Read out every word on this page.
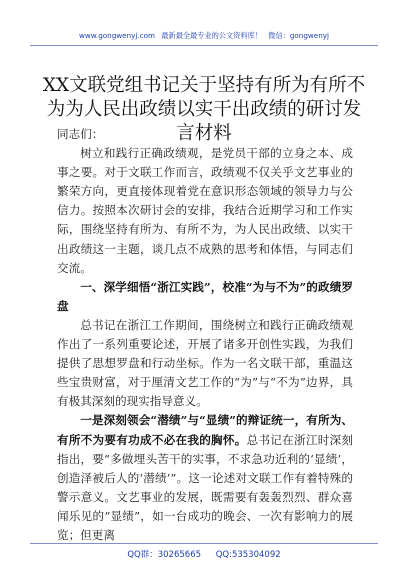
www.gongwenyj.com 最新最全最专业的公文资料库！ 微信：gongwenyj
XX文联党组书记关于坚持有所为有所不为为人民出政绩以实干出政绩的研讨发言材料

同志们：

树立和践行正确政绩观，是党员干部的立身之本、成事之要。对于文联工作而言，政绩观不仅关乎文艺事业的繁荣方向，更直接体现着党在意识形态领域的领导力与公信力。按照本次研讨会的安排，我结合近期学习和工作实际，围绕坚持有所为、有所不为，为人民出政绩、以实干出政绩这一主题，谈几点不成熟的思考和体悟，与同志们交流。

一、深学细悟“浙江实践”，校准“为与不为”的政绩罗盘

总书记在浙江工作期间，围绕树立和践行正确政绩观作出了一系列重要论述，开展了诸多开创性实践，为我们提供了思想罗盘和行动坐标。作为一名文联干部，重温这些宝贵财富，对于厘清文艺工作的“为”与“不为”边界，具有极其深刻的现实指导意义。

一是深刻领会“潜绩”与“显绩”的辩证统一，有所为、有所不为要有功成不必在我的胸怀。总书记在浙江时深刻指出，要“多做埋头苦干的实事，不求急功近利的‘显绩’，创造泽被后人的‘潜绩’”。这一论述对文联工作有着特殊的警示意义。文艺事业的发展，既需要有轰轰烈烈、群众喜闻乐见的“显绩”，如一台成功的晚会、一次有影响力的展览；但更离

QQ群：30265665 QQ:535304092
